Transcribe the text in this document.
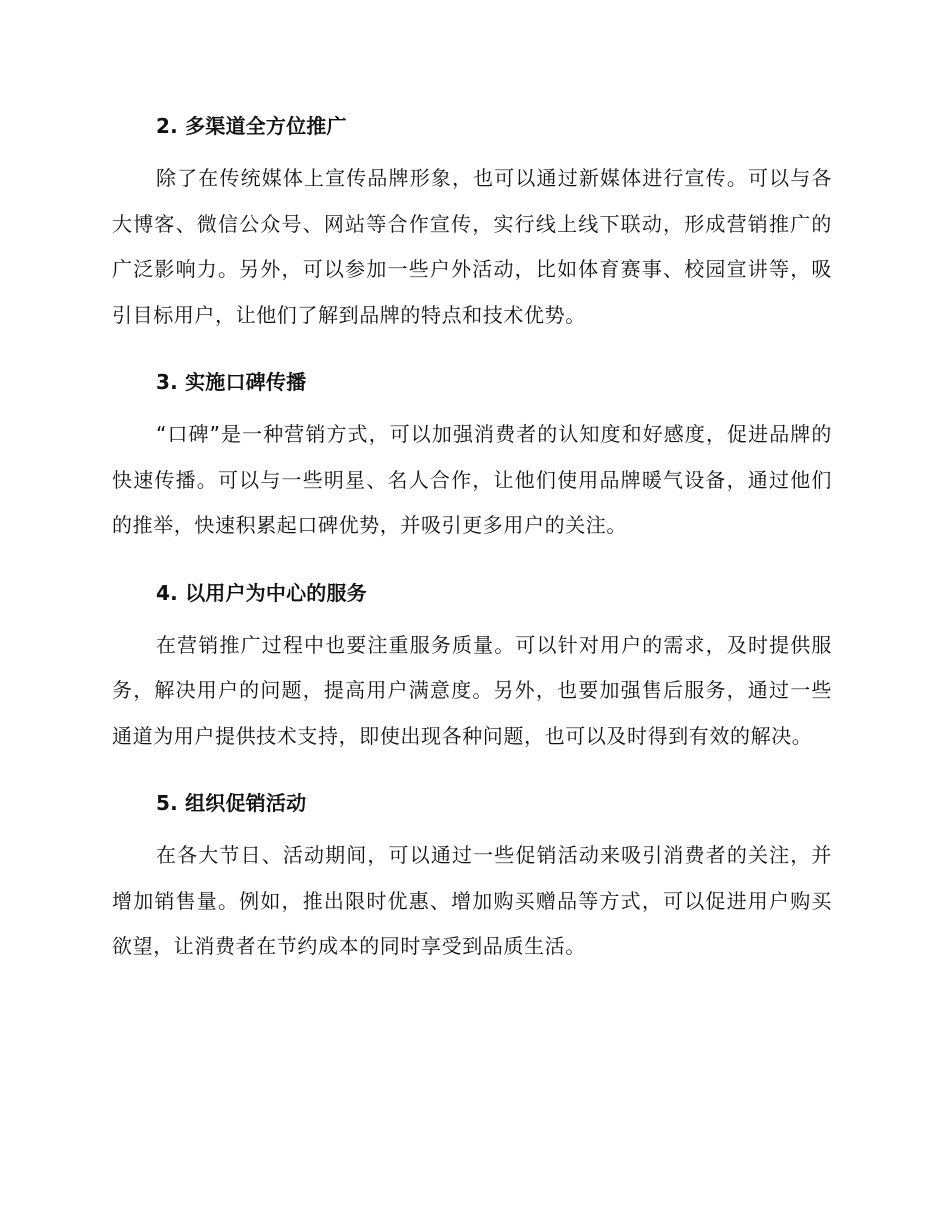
2. 多渠道全方位推广

除了在传统媒体上宣传品牌形象，也可以通过新媒体进行宣传。可以与各大博客、微信公众号、网站等合作宣传，实行线上线下联动，形成营销推广的广泛影响力。另外，可以参加一些户外活动，比如体育赛事、校园宣讲等，吸引目标用户，让他们了解到品牌的特点和技术优势。

3. 实施口碑传播

“口碑”是一种营销方式，可以加强消费者的认知度和好感度，促进品牌的快速传播。可以与一些明星、名人合作，让他们使用品牌暖气设备，通过他们的推举，快速积累起口碑优势，并吸引更多用户的关注。

4. 以用户为中心的服务

在营销推广过程中也要注重服务质量。可以针对用户的需求，及时提供服务，解决用户的问题，提高用户满意度。另外，也要加强售后服务，通过一些通道为用户提供技术支持，即使出现各种问题，也可以及时得到有效的解决。

5. 组织促销活动

在各大节日、活动期间，可以通过一些促销活动来吸引消费者的关注，并增加销售量。例如，推出限时优惠、增加购买赠品等方式，可以促进用户购买欲望，让消费者在节约成本的同时享受到品质生活。
